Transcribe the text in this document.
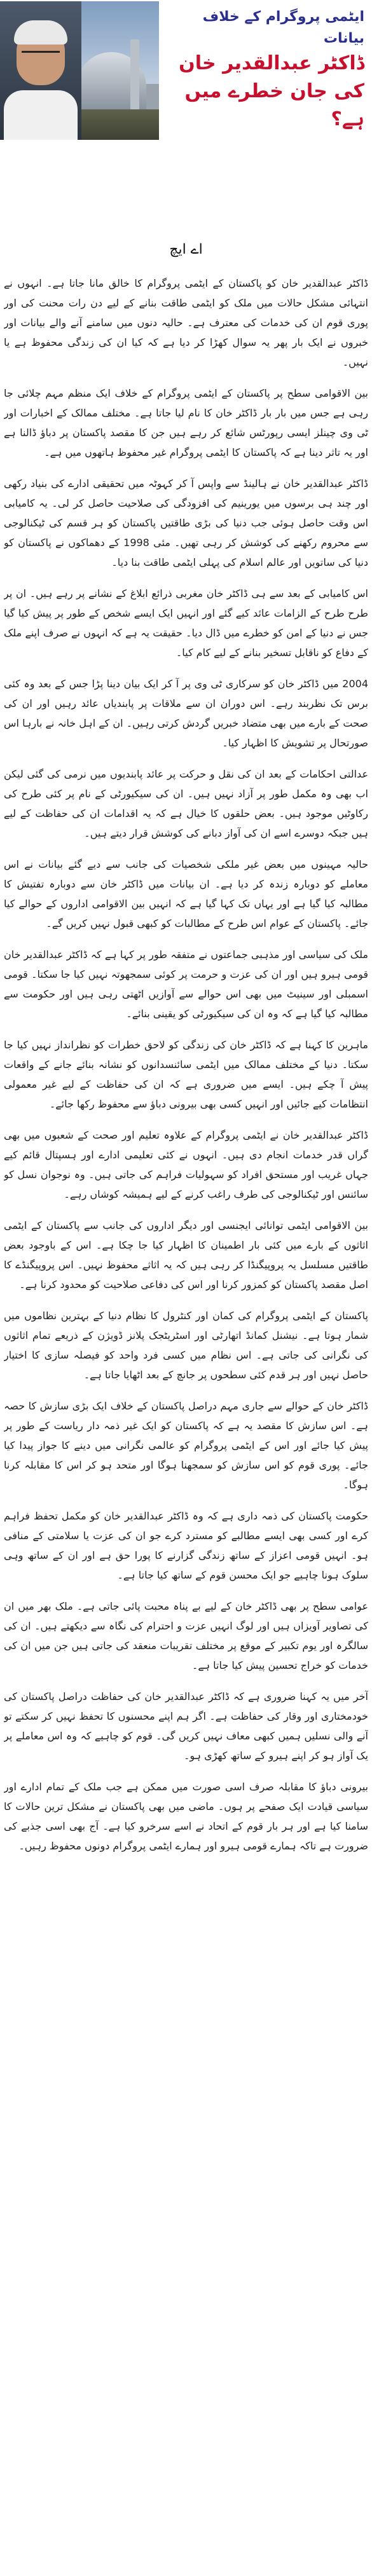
ایٹمی پروگرام کے خلاف بیانات
ڈاکٹر عبدالقدیر خان کی جان خطرے میں ہے؟
اے ایچ

ڈاکٹر عبدالقدیر خان کو پاکستان کے ایٹمی پروگرام کا خالق مانا جاتا ہے۔ انہوں نے انتہائی مشکل حالات میں ملک کو ایٹمی طاقت بنانے کے لیے دن رات محنت کی اور پوری قوم ان کی خدمات کی معترف ہے۔ حالیہ دنوں میں سامنے آنے والے بیانات اور خبروں نے ایک بار پھر یہ سوال کھڑا کر دیا ہے کہ کیا ان کی زندگی محفوظ ہے یا نہیں۔

بین الاقوامی سطح پر پاکستان کے ایٹمی پروگرام کے خلاف ایک منظم مہم چلائی جا رہی ہے جس میں بار بار ڈاکٹر خان کا نام لیا جاتا ہے۔ مختلف ممالک کے اخبارات اور ٹی وی چینلز ایسی رپورٹس شائع کر رہے ہیں جن کا مقصد پاکستان پر دباؤ ڈالنا ہے اور یہ تاثر دینا ہے کہ پاکستان کا ایٹمی پروگرام غیر محفوظ ہاتھوں میں ہے۔

ڈاکٹر عبدالقدیر خان نے ہالینڈ سے واپس آ کر کہوٹہ میں تحقیقی ادارے کی بنیاد رکھی اور چند ہی برسوں میں یورینیم کی افزودگی کی صلاحیت حاصل کر لی۔ یہ کامیابی اس وقت حاصل ہوئی جب دنیا کی بڑی طاقتیں پاکستان کو ہر قسم کی ٹیکنالوجی سے محروم رکھنے کی کوشش کر رہی تھیں۔ مئی 1998 کے دھماکوں نے پاکستان کو دنیا کی ساتویں اور عالم اسلام کی پہلی ایٹمی طاقت بنا دیا۔

اس کامیابی کے بعد سے ہی ڈاکٹر خان مغربی ذرائع ابلاغ کے نشانے پر رہے ہیں۔ ان پر طرح طرح کے الزامات عائد کیے گئے اور انہیں ایک ایسے شخص کے طور پر پیش کیا گیا جس نے دنیا کے امن کو خطرے میں ڈال دیا۔ حقیقت یہ ہے کہ انہوں نے صرف اپنے ملک کے دفاع کو ناقابل تسخیر بنانے کے لیے کام کیا۔

2004 میں ڈاکٹر خان کو سرکاری ٹی وی پر آ کر ایک بیان دینا پڑا جس کے بعد وہ کئی برس تک نظربند رہے۔ اس دوران ان سے ملاقات پر پابندیاں عائد رہیں اور ان کی صحت کے بارے میں بھی متضاد خبریں گردش کرتی رہیں۔ ان کے اہل خانہ نے بارہا اس صورتحال پر تشویش کا اظہار کیا۔

عدالتی احکامات کے بعد ان کی نقل و حرکت پر عائد پابندیوں میں نرمی کی گئی لیکن اب بھی وہ مکمل طور پر آزاد نہیں ہیں۔ ان کی سیکیورٹی کے نام پر کئی طرح کی رکاوٹیں موجود ہیں۔ بعض حلقوں کا خیال ہے کہ یہ اقدامات ان کی حفاظت کے لیے ہیں جبکہ دوسرے اسے ان کی آواز دبانے کی کوشش قرار دیتے ہیں۔

حالیہ مہینوں میں بعض غیر ملکی شخصیات کی جانب سے دیے گئے بیانات نے اس معاملے کو دوبارہ زندہ کر دیا ہے۔ ان بیانات میں ڈاکٹر خان سے دوبارہ تفتیش کا مطالبہ کیا گیا ہے اور یہاں تک کہا گیا ہے کہ انہیں بین الاقوامی اداروں کے حوالے کیا جائے۔ پاکستان کے عوام اس طرح کے مطالبات کو کبھی قبول نہیں کریں گے۔

ملک کی سیاسی اور مذہبی جماعتوں نے متفقہ طور پر کہا ہے کہ ڈاکٹر عبدالقدیر خان قومی ہیرو ہیں اور ان کی عزت و حرمت پر کوئی سمجھوتہ نہیں کیا جا سکتا۔ قومی اسمبلی اور سینیٹ میں بھی اس حوالے سے آوازیں اٹھتی رہی ہیں اور حکومت سے مطالبہ کیا گیا ہے کہ وہ ان کی سیکیورٹی کو یقینی بنائے۔

ماہرین کا کہنا ہے کہ ڈاکٹر خان کی زندگی کو لاحق خطرات کو نظرانداز نہیں کیا جا سکتا۔ دنیا کے مختلف ممالک میں ایٹمی سائنسدانوں کو نشانہ بنائے جانے کے واقعات پیش آ چکے ہیں۔ ایسے میں ضروری ہے کہ ان کی حفاظت کے لیے غیر معمولی انتظامات کیے جائیں اور انہیں کسی بھی بیرونی دباؤ سے محفوظ رکھا جائے۔

ڈاکٹر عبدالقدیر خان نے ایٹمی پروگرام کے علاوہ تعلیم اور صحت کے شعبوں میں بھی گراں قدر خدمات انجام دی ہیں۔ انہوں نے کئی تعلیمی ادارے اور ہسپتال قائم کیے جہاں غریب اور مستحق افراد کو سہولیات فراہم کی جاتی ہیں۔ وہ نوجوان نسل کو سائنس اور ٹیکنالوجی کی طرف راغب کرنے کے لیے ہمیشہ کوشاں رہے۔

بین الاقوامی ایٹمی توانائی ایجنسی اور دیگر اداروں کی جانب سے پاکستان کے ایٹمی اثاثوں کے بارے میں کئی بار اطمینان کا اظہار کیا جا چکا ہے۔ اس کے باوجود بعض طاقتیں مسلسل یہ پروپیگنڈا کر رہی ہیں کہ یہ اثاثے محفوظ نہیں۔ اس پروپیگنڈے کا اصل مقصد پاکستان کو کمزور کرنا اور اس کی دفاعی صلاحیت کو محدود کرنا ہے۔

پاکستان کے ایٹمی پروگرام کی کمان اور کنٹرول کا نظام دنیا کے بہترین نظاموں میں شمار ہوتا ہے۔ نیشنل کمانڈ اتھارٹی اور اسٹریٹجک پلانز ڈویژن کے ذریعے تمام اثاثوں کی نگرانی کی جاتی ہے۔ اس نظام میں کسی فرد واحد کو فیصلہ سازی کا اختیار حاصل نہیں اور ہر قدم کئی سطحوں پر جانچ کے بعد اٹھایا جاتا ہے۔

ڈاکٹر خان کے حوالے سے جاری مہم دراصل پاکستان کے خلاف ایک بڑی سازش کا حصہ ہے۔ اس سازش کا مقصد یہ ہے کہ پاکستان کو ایک غیر ذمہ دار ریاست کے طور پر پیش کیا جائے اور اس کے ایٹمی پروگرام کو عالمی نگرانی میں دینے کا جواز پیدا کیا جائے۔ پوری قوم کو اس سازش کو سمجھنا ہوگا اور متحد ہو کر اس کا مقابلہ کرنا ہوگا۔

حکومت پاکستان کی ذمہ داری ہے کہ وہ ڈاکٹر عبدالقدیر خان کو مکمل تحفظ فراہم کرے اور کسی بھی ایسے مطالبے کو مسترد کرے جو ان کی عزت یا سلامتی کے منافی ہو۔ انہیں قومی اعزاز کے ساتھ زندگی گزارنے کا پورا حق ہے اور ان کے ساتھ وہی سلوک ہونا چاہیے جو ایک محسن قوم کے ساتھ کیا جاتا ہے۔

عوامی سطح پر بھی ڈاکٹر خان کے لیے بے پناہ محبت پائی جاتی ہے۔ ملک بھر میں ان کی تصاویر آویزاں ہیں اور لوگ انہیں عزت و احترام کی نگاہ سے دیکھتے ہیں۔ ان کی سالگرہ اور یوم تکبیر کے موقع پر مختلف تقریبات منعقد کی جاتی ہیں جن میں ان کی خدمات کو خراج تحسین پیش کیا جاتا ہے۔

آخر میں یہ کہنا ضروری ہے کہ ڈاکٹر عبدالقدیر خان کی حفاظت دراصل پاکستان کی خودمختاری اور وقار کی حفاظت ہے۔ اگر ہم اپنے محسنوں کا تحفظ نہیں کر سکتے تو آنے والی نسلیں ہمیں کبھی معاف نہیں کریں گی۔ قوم کو چاہیے کہ وہ اس معاملے پر یک آواز ہو کر اپنے ہیرو کے ساتھ کھڑی ہو۔

بیرونی دباؤ کا مقابلہ صرف اسی صورت میں ممکن ہے جب ملک کے تمام ادارے اور سیاسی قیادت ایک صفحے پر ہوں۔ ماضی میں بھی پاکستان نے مشکل ترین حالات کا سامنا کیا ہے اور ہر بار قوم کے اتحاد نے اسے سرخرو کیا ہے۔ آج بھی اسی جذبے کی ضرورت ہے تاکہ ہمارے قومی ہیرو اور ہمارے ایٹمی پروگرام دونوں محفوظ رہیں۔
